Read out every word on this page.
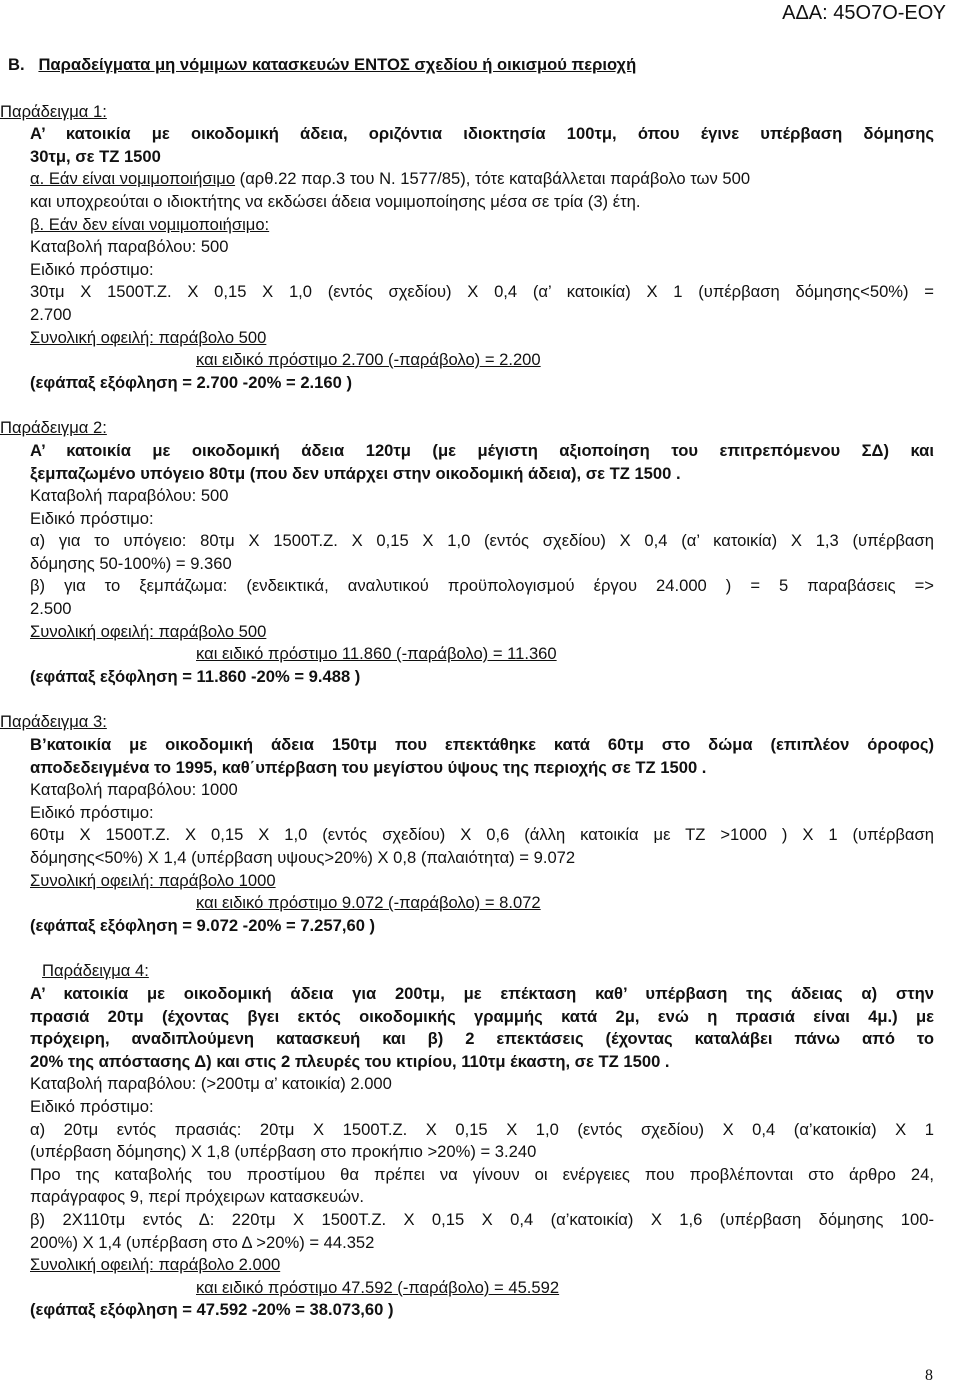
ΑΔΑ: 45Ο7Ο-ΕΟΥ
Β. Παραδείγματα μη νόμιμων κατασκευών ΕΝΤΟΣ σχεδίου ή οικισμού περιοχή
Παράδειγμα 1:
Α’ κατοικία με οικοδομική άδεια, οριζόντια ιδιοκτησία 100τμ, όπου έγινε υπέρβαση δόμησης
30τμ, σε ΤΖ 1500
α. Εάν είναι νομιμοποιήσιμο (αρθ.22 παρ.3 του Ν. 1577/85), τότε καταβάλλεται παράβολο των 500
και υποχρεούται ο ιδιοκτήτης να εκδώσει άδεια νομιμοποίησης μέσα σε τρία (3) έτη.
β. Εάν δεν είναι νομιμοποιήσιμο:
Καταβολή παραβόλου: 500
Ειδικό πρόστιμο:
30τμ Χ 1500Τ.Ζ. Χ 0,15 Χ 1,0 (εντός σχεδίου) Χ 0,4 (α’ κατοικία) Χ 1 (υπέρβαση δόμησης<50%) =
2.700
Συνολική οφειλή: παράβολο 500
και ειδικό πρόστιμο 2.700 (-παράβολο) = 2.200
(εφάπαξ εξόφληση = 2.700 -20% = 2.160 )
Παράδειγμα 2:
Α’ κατοικία με οικοδομική άδεια 120τμ (με μέγιστη αξιοποίηση του επιτρεπόμενου ΣΔ) και
ξεμπαζωμένο υπόγειο 80τμ (που δεν υπάρχει στην οικοδομική άδεια), σε ΤΖ 1500 .
Καταβολή παραβόλου: 500
Ειδικό πρόστιμο:
α) για το υπόγειο: 80τμ Χ 1500Τ.Ζ. Χ 0,15 Χ 1,0 (εντός σχεδίου) Χ 0,4 (α’ κατοικία) Χ 1,3 (υπέρβαση
δόμησης 50-100%) = 9.360
β) για το ξεμπάζωμα: (ενδεικτικά, αναλυτικού προϋπολογισμού έργου 24.000 ) = 5 παραβάσεις =>
2.500
Συνολική οφειλή: παράβολο 500
και ειδικό πρόστιμο 11.860 (-παράβολο) = 11.360
(εφάπαξ εξόφληση = 11.860 -20% = 9.488 )
Παράδειγμα 3:
Β’κατοικία με οικοδομική άδεια 150τμ που επεκτάθηκε κατά 60τμ στο δώμα (επιπλέον όροφος)
αποδεδειγμένα το 1995, καθ΄υπέρβαση του μεγίστου ύψους της περιοχής σε ΤΖ 1500 .
Καταβολή παραβόλου: 1000
Ειδικό πρόστιμο:
60τμ Χ 1500Τ.Ζ. Χ 0,15 Χ 1,0 (εντός σχεδίου) Χ 0,6 (άλλη κατοικία με ΤΖ >1000 ) Χ 1 (υπέρβαση
δόμησης<50%) Χ 1,4 (υπέρβαση υψους>20%) Χ 0,8 (παλαιότητα) = 9.072
Συνολική οφειλή: παράβολο 1000
και ειδικό πρόστιμο 9.072 (-παράβολο) = 8.072
(εφάπαξ εξόφληση = 9.072 -20% = 7.257,60 )
Παράδειγμα 4:
Α’ κατοικία με οικοδομική άδεια για 200τμ, με επέκταση καθ’ υπέρβαση της άδειας α) στην
πρασιά 20τμ (έχοντας βγει εκτός οικοδομικής γραμμής κατά 2μ, ενώ η πρασιά είναι 4μ.) με
πρόχειρη, αναδιπλούμενη κατασκευή και β) 2 επεκτάσεις (έχοντας καταλάβει πάνω από το
20% της απόστασης Δ) και στις 2 πλευρές του κτιρίου, 110τμ έκαστη, σε ΤΖ 1500 .
Καταβολή παραβόλου: (>200τμ α’ κατοικία) 2.000
Ειδικό πρόστιμο:
α) 20τμ εντός πρασιάς: 20τμ Χ 1500Τ.Ζ. Χ 0,15 Χ 1,0 (εντός σχεδίου) Χ 0,4 (α’κατοικία) Χ 1
(υπέρβαση δόμησης) Χ 1,8 (υπέρβαση στο προκήπιο >20%) = 3.240
Προ της καταβολής του προστίμου θα πρέπει να γίνουν οι ενέργειες που προβλέπονται στο άρθρο 24,
παράγραφος 9, περί πρόχειρων κατασκευών.
β) 2Χ110τμ εντός Δ: 220τμ Χ 1500Τ.Ζ. Χ 0,15 Χ 0,4 (α’κατοικία) Χ 1,6 (υπέρβαση δόμησης 100-
200%) Χ 1,4 (υπέρβαση στο Δ >20%) = 44.352
Συνολική οφειλή: παράβολο 2.000
και ειδικό πρόστιμο 47.592 (-παράβολο) = 45.592
(εφάπαξ εξόφληση = 47.592 -20% = 38.073,60 )
8
